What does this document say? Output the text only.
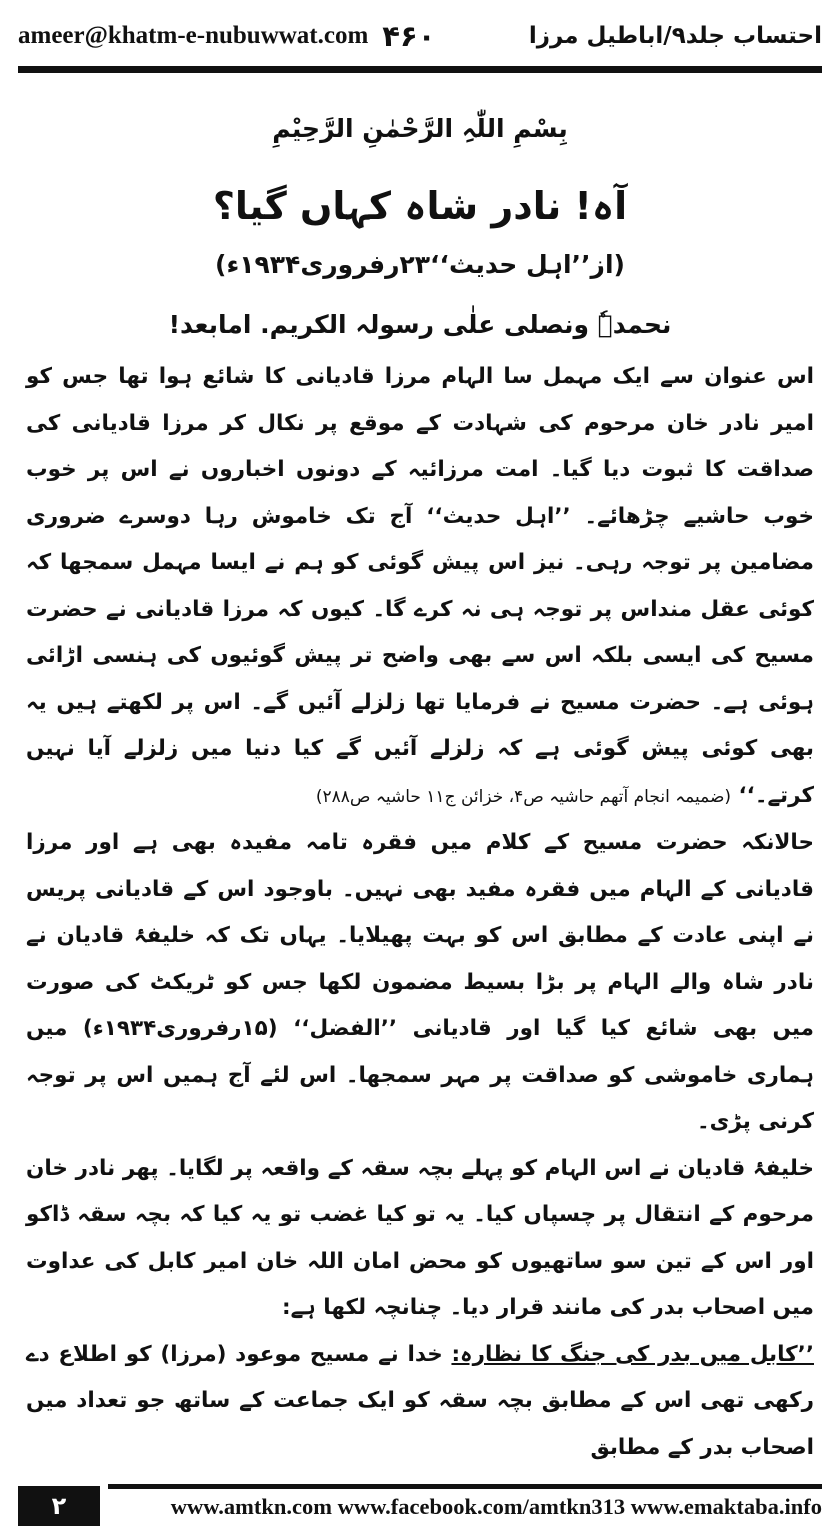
ameer@khatm-e-nubuwwat.com ۴۶۰	احتساب جلد۹/اباطیل مرزا
بِسْمِ اللّٰہِ الرَّحْمٰنِ الرَّحِیْمِ
آہ! نادر شاہ کہاں گیا؟
(از’’اہل حدیث‘‘۲۳رفروری۱۹۳۴ء)
نحمدہٗ ونصلی علٰی رسولہ الکریم. امابعد!

اس عنوان سے ایک مہمل سا الہام مرزا قادیانی کا شائع ہوا تھا جس کو امیر نادر خان مرحوم کی شہادت کے موقع پر نکال کر مرزا قادیانی کی صداقت کا ثبوت دیا گیا۔ امت مرزائیہ کے دونوں اخباروں نے اس پر خوب خوب حاشیے چڑھائے۔ ’’اہل حدیث‘‘ آج تک خاموش رہا دوسرے ضروری مضامین پر توجہ رہی۔ نیز اس پیش گوئی کو ہم نے ایسا مہمل سمجھا کہ کوئی عقل منداس پر توجہ ہی نہ کرے گا۔ کیوں کہ مرزا قادیانی نے حضرت مسیح کی ایسی بلکہ اس سے بھی واضح تر پیش گوئیوں کی ہنسی اڑائی ہوئی ہے۔ حضرت مسیح نے فرمایا تھا زلزلے آئیں گے۔ اس پر لکھتے ہیں یہ بھی کوئی پیش گوئی ہے کہ زلزلے آئیں گے کیا دنیا میں زلزلے آیا نہیں کرتے۔‘‘ (ضمیمہ انجام آتھم حاشیہ ص۴، خزائن ج۱۱ حاشیہ ص۲۸۸)

حالانکہ حضرت مسیح کے کلام میں فقرہ تامہ مفیدہ بھی ہے اور مرزا قادیانی کے الہام میں فقرہ مفید بھی نہیں۔ باوجود اس کے قادیانی پریس نے اپنی عادت کے مطابق اس کو بہت پھیلایا۔ یہاں تک کہ خلیفۂ قادیان نے نادر شاہ والے الہام پر بڑا بسیط مضمون لکھا جس کو ٹریکٹ کی صورت میں بھی شائع کیا گیا اور قادیانی ’’الفضل‘‘ (۱۵رفروری۱۹۳۴ء) میں ہماری خاموشی کو صداقت پر مہر سمجھا۔ اس لئے آج ہمیں اس پر توجہ کرنی پڑی۔

خلیفۂ قادیان نے اس الہام کو پہلے بچہ سقہ کے واقعہ پر لگایا۔ پھر نادر خان مرحوم کے انتقال پر چسپاں کیا۔ یہ تو کیا غضب تو یہ کیا کہ بچہ سقہ ڈاکو اور اس کے تین سو ساتھیوں کو محض امان اللہ خان امیر کابل کی عداوت میں اصحاب بدر کی مانند قرار دیا۔ چنانچہ لکھا ہے:

’’کابل میں بدر کی جنگ کا نظارہ: خدا نے مسیح موعود (مرزا) کو اطلاع دے رکھی تھی اس کے مطابق بچہ سقہ کو ایک جماعت کے ساتھ جو تعداد میں اصحاب بدر کے مطابق

۲	www.amtkn.com www.facebook.com/amtkn313 www.emaktaba.info
